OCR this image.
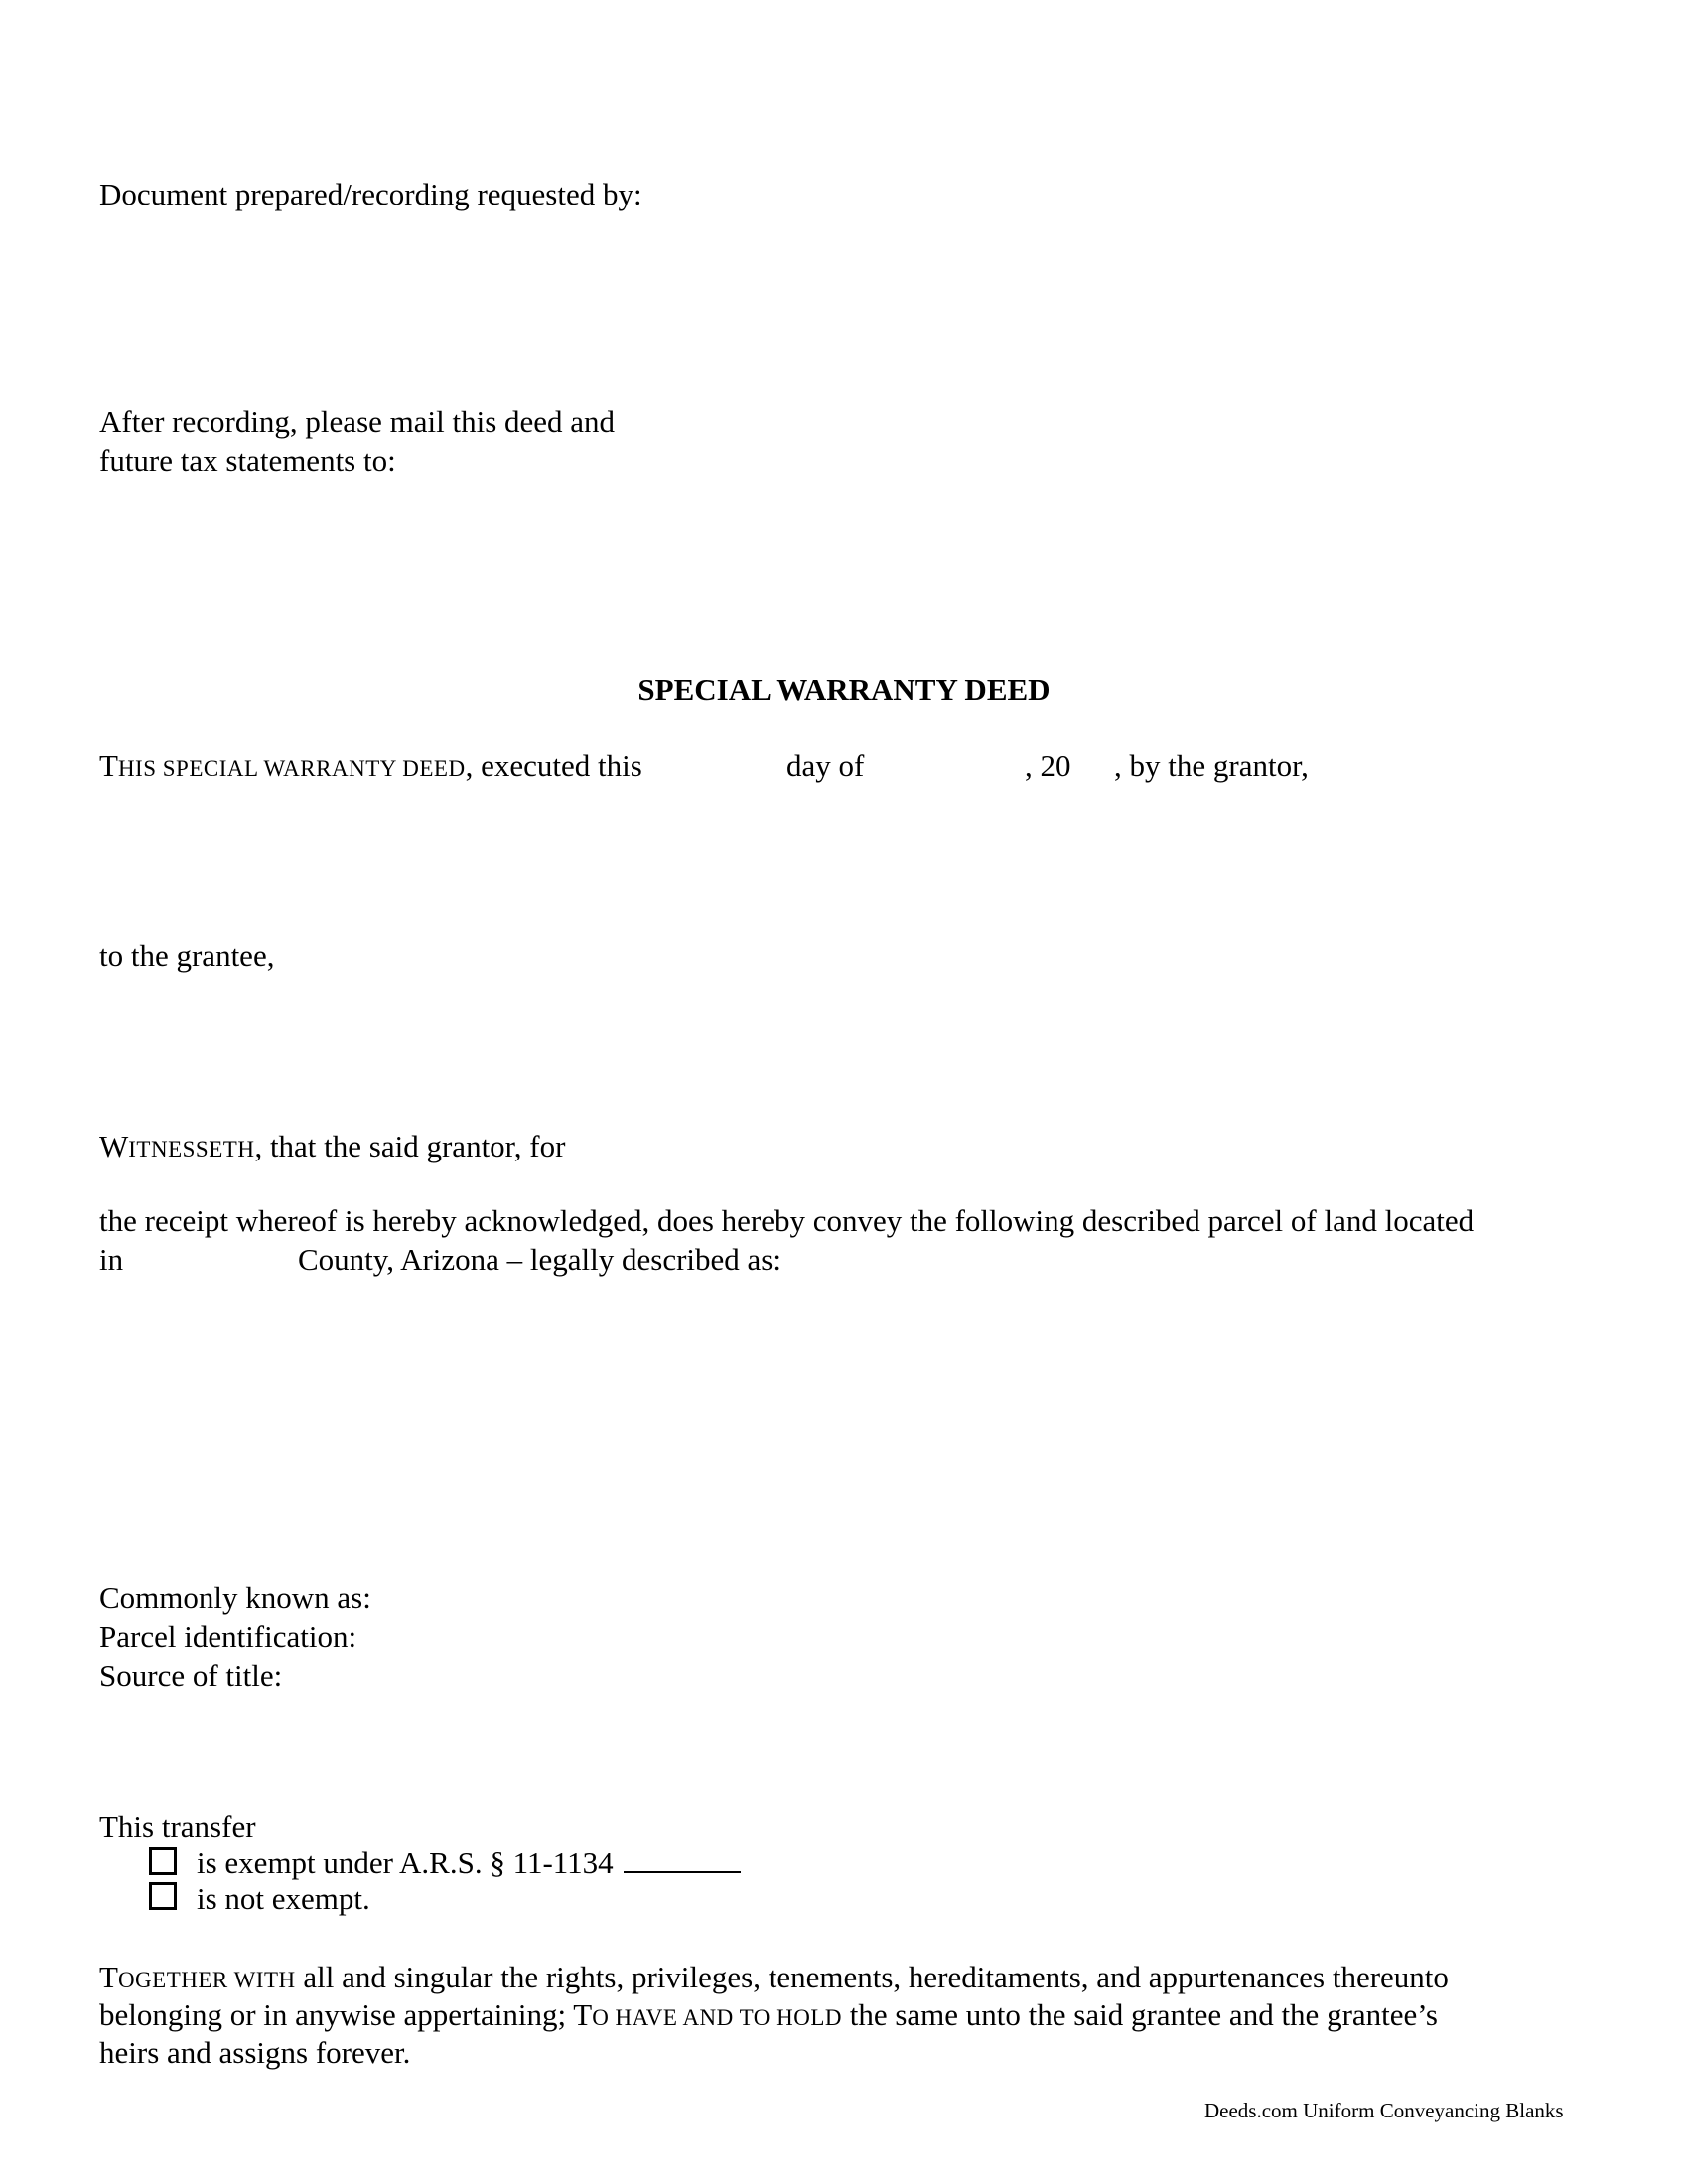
Document prepared/recording requested by:
After recording, please mail this deed and
future tax statements to:
SPECIAL WARRANTY DEED
THIS SPECIAL WARRANTY DEED, executed this	day of	, 20 , by the grantor,
to the grantee,
WITNESSETH, that the said grantor, for
the receipt whereof is hereby acknowledged, does hereby convey the following described parcel of land located
in	County, Arizona – legally described as:
Commonly known as:
Parcel identification:
Source of title:
This transfer
is exempt under A.R.S. § 11-1134
is not exempt.
TOGETHER WITH all and singular the rights, privileges, tenements, hereditaments, and appurtenances thereunto
belonging or in anywise appertaining; TO HAVE AND TO HOLD the same unto the said grantee and the grantee’s
heirs and assigns forever.
Deeds.com Uniform Conveyancing Blanks
